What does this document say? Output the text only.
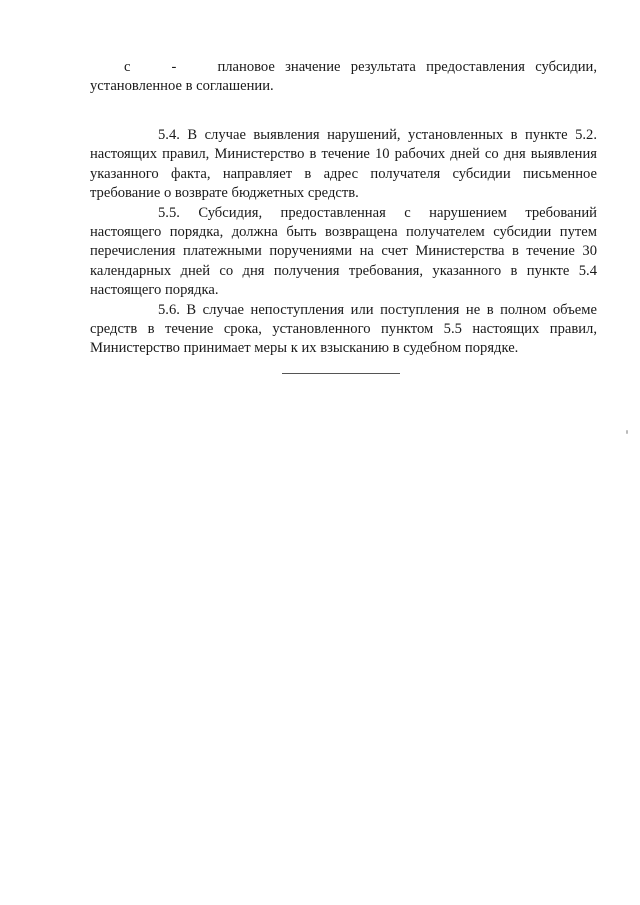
с	-	плановое значение результата предоставления субсидии, установленное в соглашении.

5.4. В случае выявления нарушений, установленных в пункте 5.2. настоящих правил, Министерство в течение 10 рабочих дней со дня выявления указанного факта, направляет в адрес получателя субсидии письменное требование о возврате бюджетных средств.

5.5. Субсидия, предоставленная с нарушением требований настоящего порядка, должна быть возвращена получателем субсидии путем перечисления платежными поручениями на счет Министерства в течение 30 календарных дней со дня получения требования, указанного в пункте 5.4 настоящего порядка.

5.6. В случае непоступления или поступления не в полном объеме средств в течение срока, установленного пунктом 5.5 настоящих правил, Министерство принимает меры к их взысканию в судебном порядке.
